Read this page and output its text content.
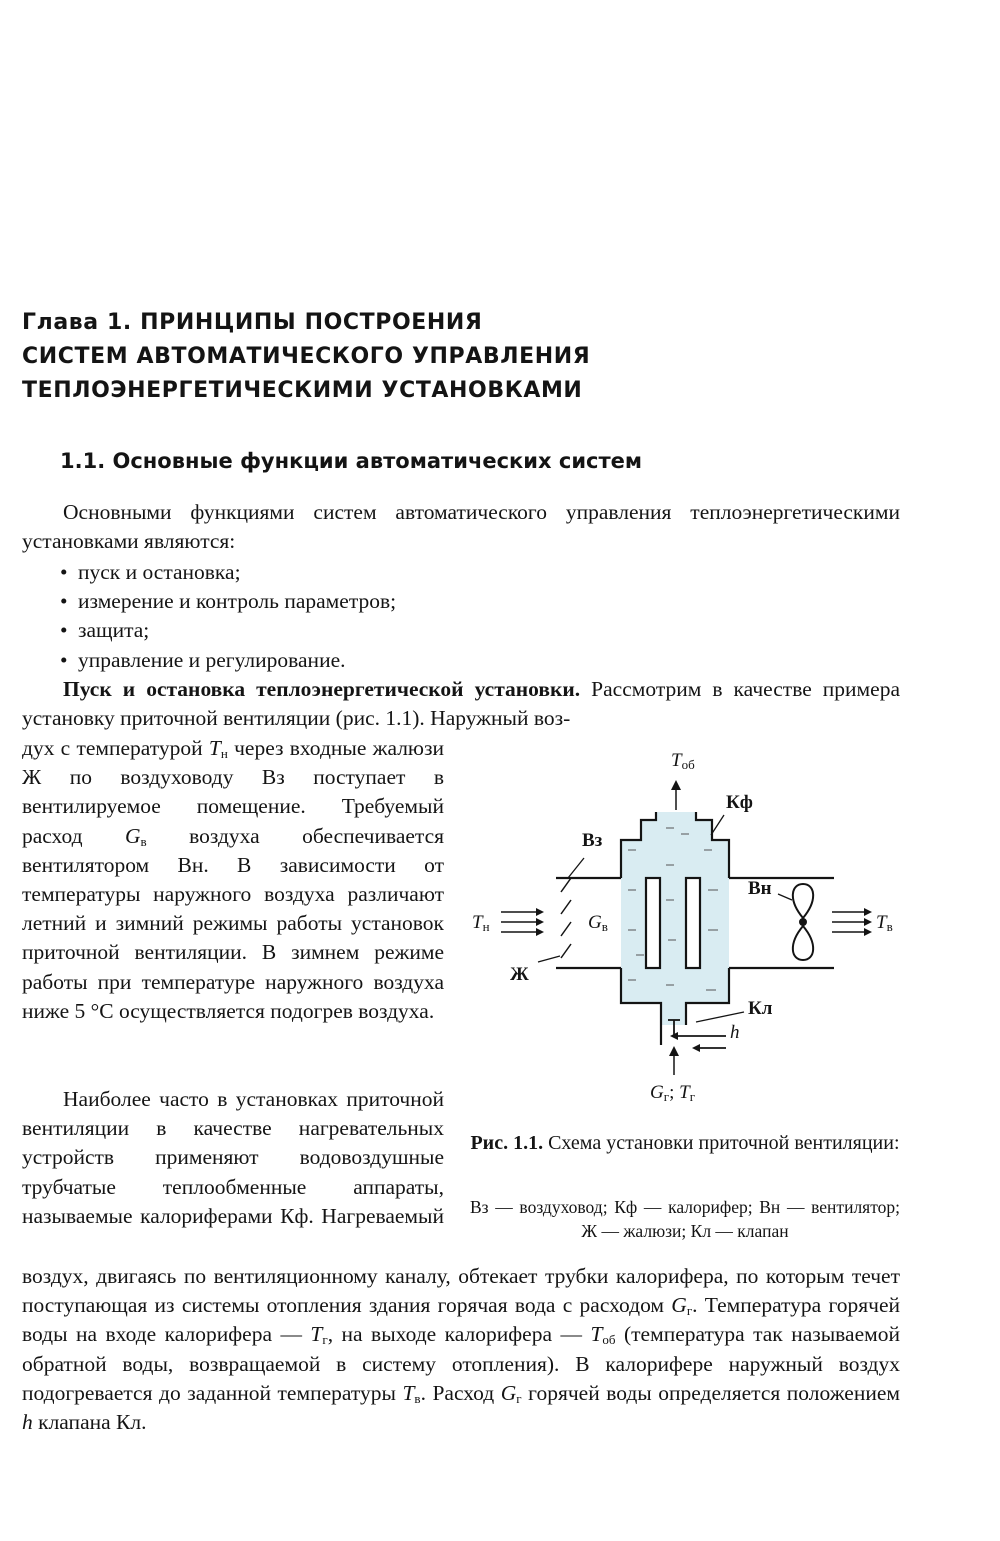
Глава 1. ПРИНЦИПЫ ПОСТРОЕНИЯ
СИСТЕМ АВТОМАТИЧЕСКОГО УПРАВЛЕНИЯ
ТЕПЛОЭНЕРГЕТИЧЕСКИМИ УСТАНОВКАМИ
1.1. Основные функции автоматических систем

Основными функциями систем автоматического управления теплоэнергетическими установками являются:

• пуск и остановка;
• измерение и контроль параметров;
• защита;
• управление и регулирование.

Пуск и остановка теплоэнергетической установки. Рассмотрим в качестве примера установку приточной вентиляции (рис. 1.1). Наружный воз-

дух с температурой $T_н$ через входные жалюзи Ж по воздуховоду Вз поступает в вентилируемое помещение. Требуемый расход $G_в$ воздуха обеспечивается вентилятором Вн. В зависимости от температуры наружного воздуха различают летний и зимний режимы работы установок приточной вентиляции. В зимнем режиме работы при температуре наружного воздуха ниже 5 °C осуществляется подогрев воздуха.

Наиболее часто в установках приточной вентиляции в качестве нагревательных устройств применяют водовоздушные трубчатые теплообменные аппараты, называемые калориферами Кф. Нагреваемый

$T_{об}$
Кф
Вз
Вн
$T_н$	$G_в$	$T_в$
Ж
Кл
h
$G_г$; $T_г$

Рис. 1.1. Схема установки приточной вентиляции:

Вз — воздуховод; Кф — калорифер; Вн — вентилятор; Ж — жалюзи; Кл — клапан

воздух, двигаясь по вентиляционному каналу, обтекает трубки калорифера, по которым течет поступающая из системы отопления здания горячая вода с расходом $G_г$. Температура горячей воды на входе калорифера — $T_г$, на выходе калорифера — $T_{об}$ (температура так называемой обратной воды, возвращаемой в систему отопления). В калорифере наружный воздух подогревается до заданной температуры $T_в$. Расход $G_г$ горячей воды определяется положением h клапана Кл.
